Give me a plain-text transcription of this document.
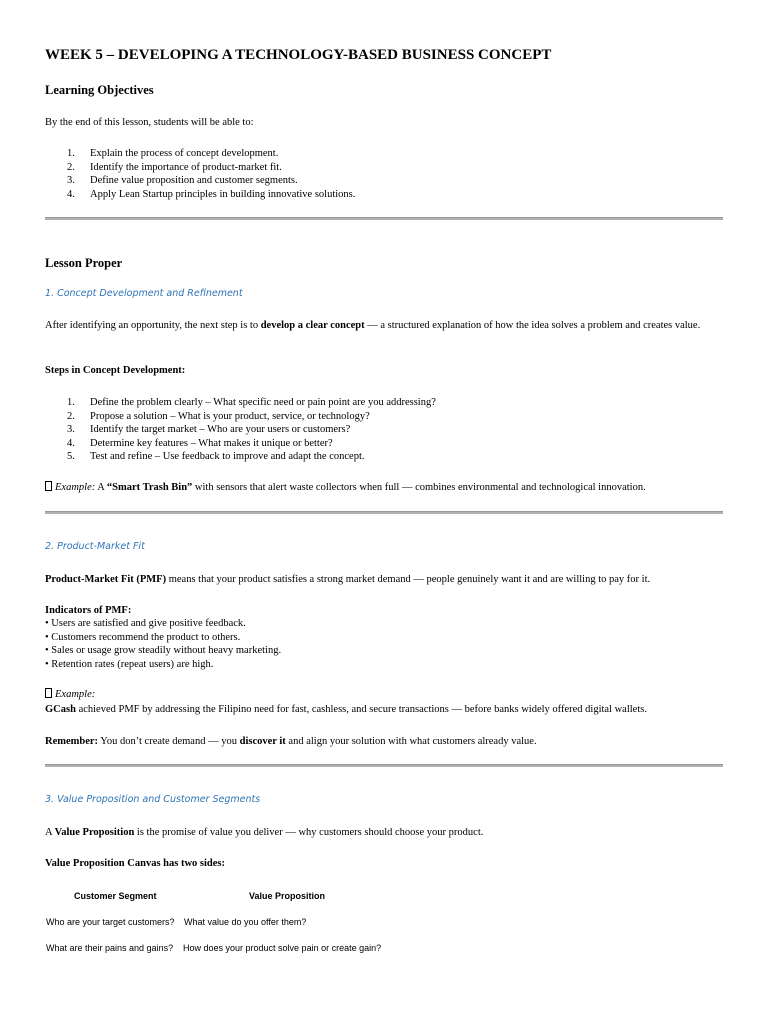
WEEK 5 – DEVELOPING A TECHNOLOGY-BASED BUSINESS CONCEPT
Learning Objectives
By the end of this lesson, students will be able to:
1. Explain the process of concept development.
2. Identify the importance of product-market fit.
3. Define value proposition and customer segments.
4. Apply Lean Startup principles in building innovative solutions.
Lesson Proper
1. Concept Development and Refinement
After identifying an opportunity, the next step is to develop a clear concept — a structured explanation of how the idea solves a problem and creates value.
Steps in Concept Development:
1. Define the problem clearly – What specific need or pain point are you addressing?
2. Propose a solution – What is your product, service, or technology?
3. Identify the target market – Who are your users or customers?
4. Determine key features – What makes it unique or better?
5. Test and refine – Use feedback to improve and adapt the concept.
Example: A “Smart Trash Bin” with sensors that alert waste collectors when full — combines environmental and technological innovation.
2. Product-Market Fit
Product-Market Fit (PMF) means that your product satisfies a strong market demand — people genuinely want it and are willing to pay for it.
Indicators of PMF:
• Users are satisfied and give positive feedback.
• Customers recommend the product to others.
• Sales or usage grow steadily without heavy marketing.
• Retention rates (repeat users) are high.
Example:
GCash achieved PMF by addressing the Filipino need for fast, cashless, and secure transactions — before banks widely offered digital wallets.
Remember: You don’t create demand — you discover it and align your solution with what customers already value.
3. Value Proposition and Customer Segments
A Value Proposition is the promise of value you deliver — why customers should choose your product.
Value Proposition Canvas has two sides:
Customer Segment	Value Proposition
Who are your target customers? What value do you offer them?
What are their pains and gains? How does your product solve pain or create gain?
